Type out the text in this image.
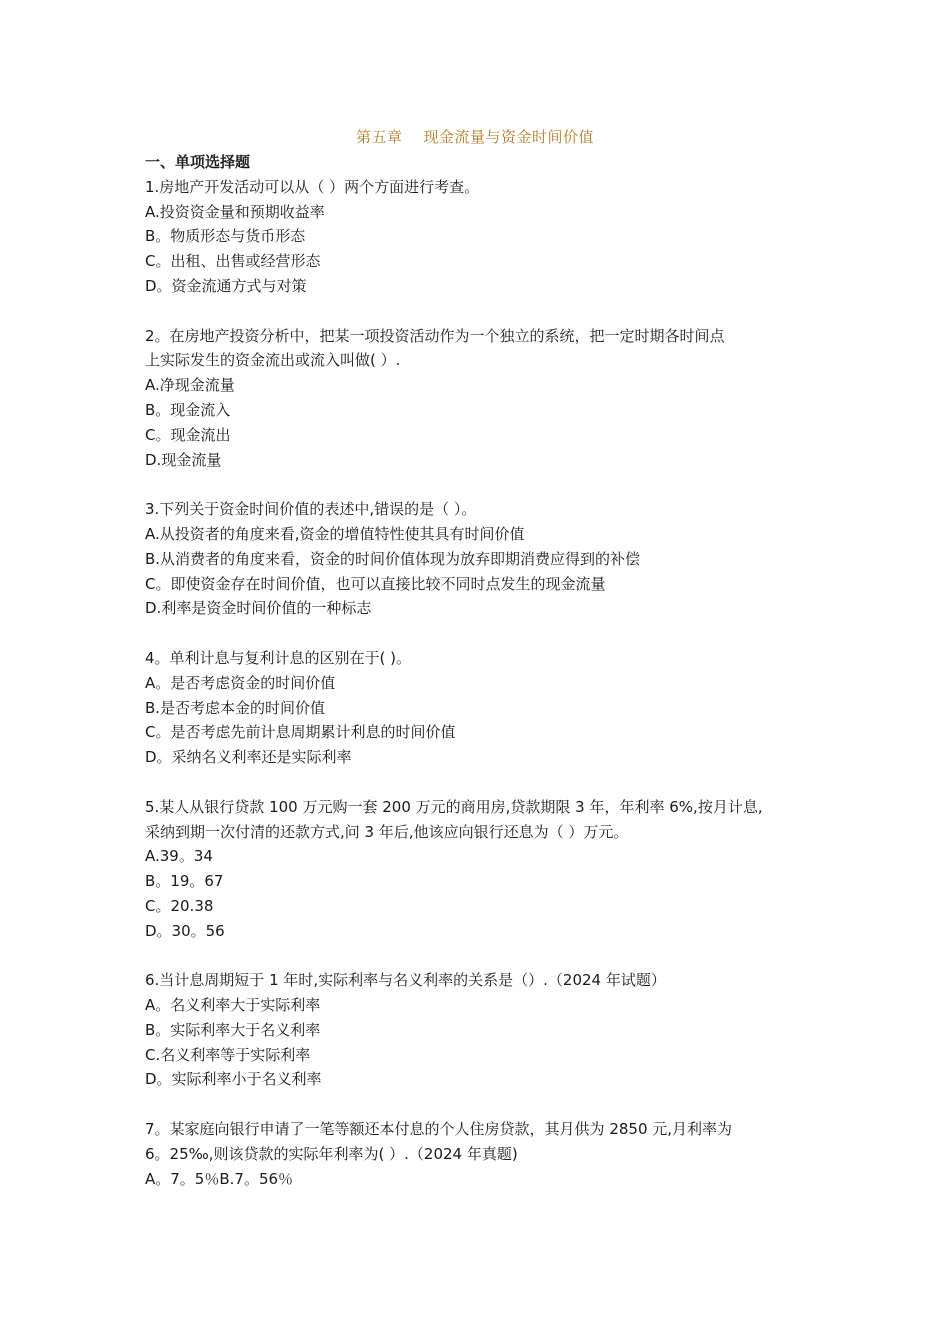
第五章    现金流量与资金时间价值
一、单项选择题
1.房地产开发活动可以从（ ）两个方面进行考查。
A.投资资金量和预期收益率
B。物质形态与货币形态
C。出租、出售或经营形态
D。资金流通方式与对策
2。在房地产投资分析中，把某一项投资活动作为一个独立的系统，把一定时期各时间点
上实际发生的资金流出或流入叫做( ）.
A.净现金流量
B。现金流入
C。现金流出
D.现金流量
3.下列关于资金时间价值的表述中,错误的是（ ）。
A.从投资者的角度来看,资金的增值特性使其具有时间价值
B.从消费者的角度来看，资金的时间价值体现为放弃即期消费应得到的补偿
C。即使资金存在时间价值，也可以直接比较不同时点发生的现金流量
D.利率是资金时间价值的一种标志
4。单利计息与复利计息的区别在于( )。
A。是否考虑资金的时间价值
B.是否考虑本金的时间价值
C。是否考虑先前计息周期累计利息的时间价值
D。采纳名义利率还是实际利率
5.某人从银行贷款 100 万元购一套 200 万元的商用房,贷款期限 3 年，年利率 6%,按月计息,
采纳到期一次付清的还款方式,问 3 年后,他该应向银行还息为（ ）万元。
A.39。34
B。19。67
C。20.38
D。30。56
6.当计息周期短于 1 年时,实际利率与名义利率的关系是（）.（2024 年试题）
A。名义利率大于实际利率
B。实际利率大于名义利率
C.名义利率等于实际利率
D。实际利率小于名义利率
7。某家庭向银行申请了一笔等额还本付息的个人住房贷款，其月供为 2850 元,月利率为
6。25‰,则该贷款的实际年利率为( ）.（2024 年真题)
A。7。5％B.7。56％
